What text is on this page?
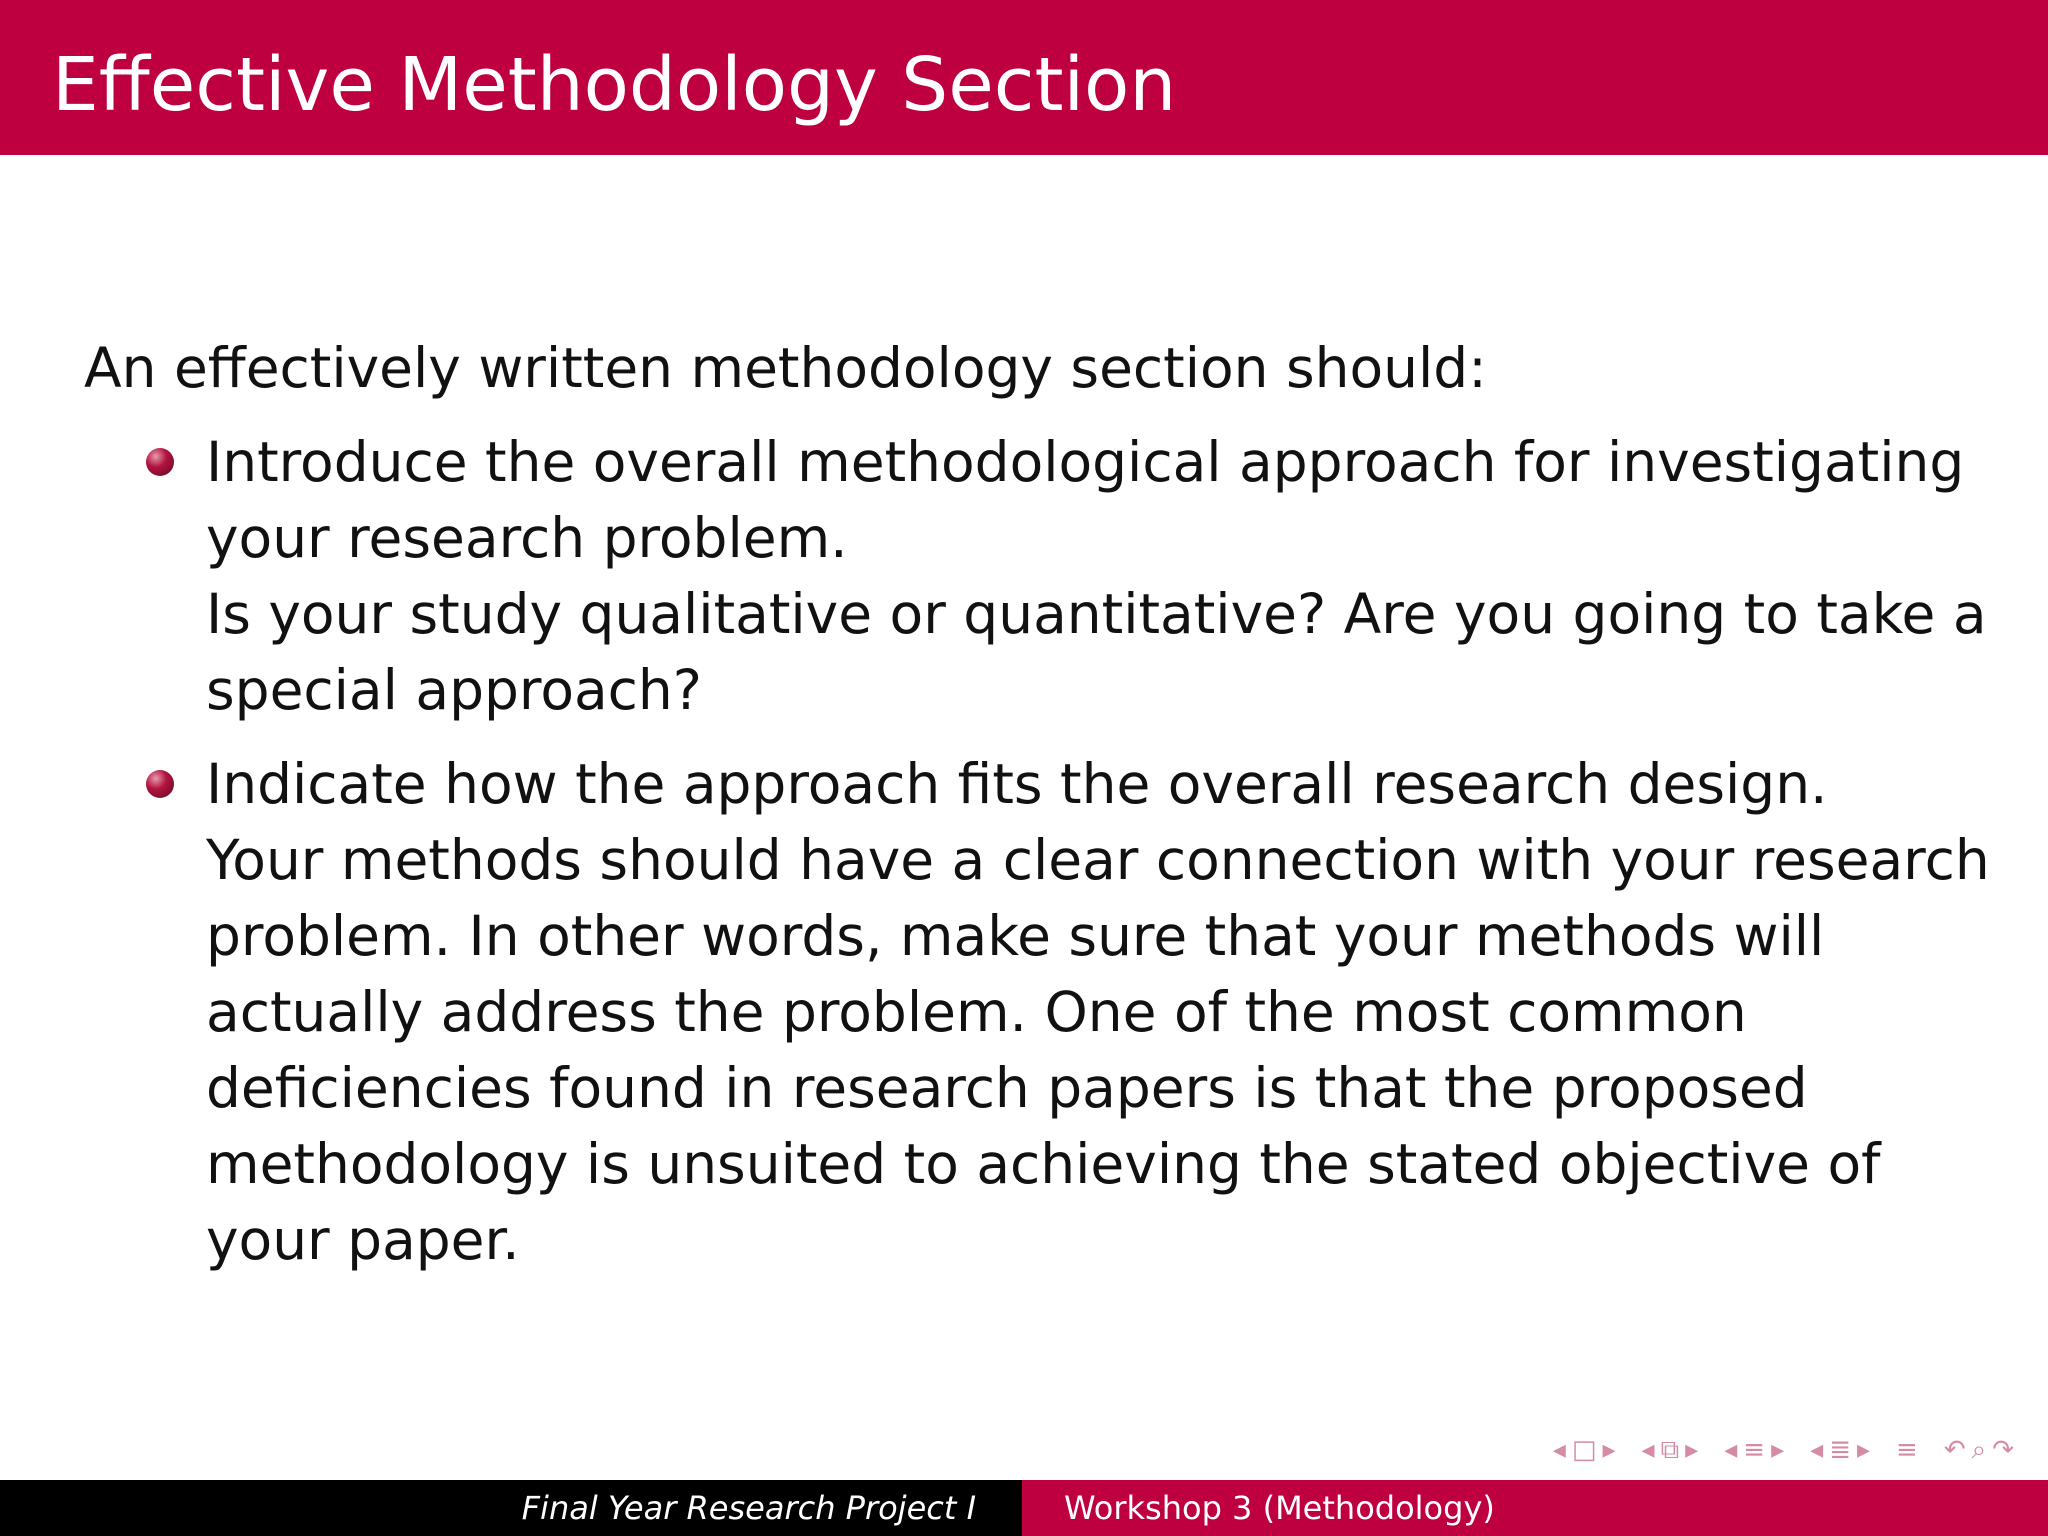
Effective Methodology Section

An effectively written methodology section should:

Introduce the overall methodological approach for investigating your research problem.

Is your study qualitative or quantitative? Are you going to take a special approach?

Indicate how the approach fits the overall research design.

Your methods should have a clear connection with your research problem. In other words, make sure that your methods will actually address the problem. One of the most common deficiencies found in research papers is that the proposed methodology is unsuited to achieving the stated objective of your paper.

◂ □ ▸ ◂ ⧉ ▸ ◂ ≡ ▸ ◂ ≣ ▸ ≡ ↶ ⌕ ↷
Final Year Research Project I	Workshop 3 (Methodology)
